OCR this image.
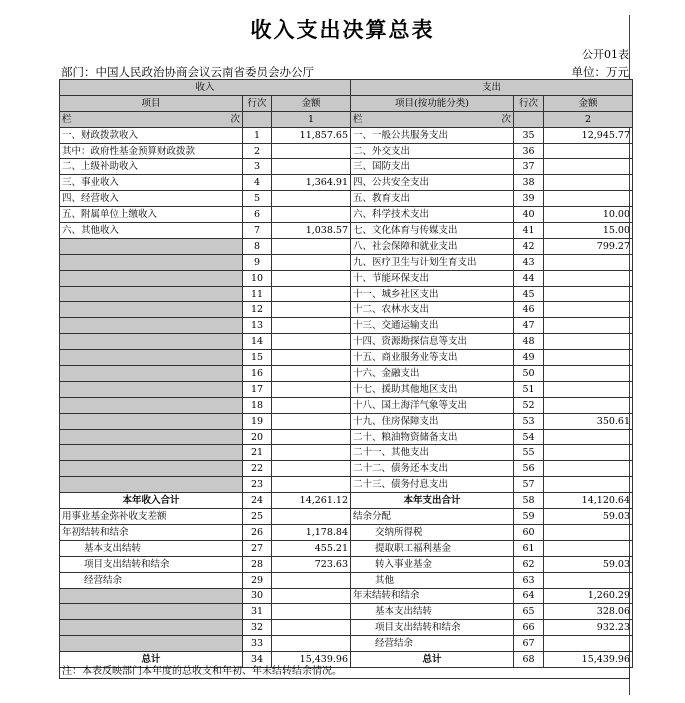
收入支出决算总表
公开01表
部门：中国人民政治协商会议云南省委员会办公厅	单位：万元
收入			支出		
项目	行次	金额	项目(按功能分类)	行次	金额

栏 次		1	栏 次		2
一、财政拨款收入	1	11,857.65	一、一般公共服务支出	35	12,945.77
其中：政府性基金预算财政拨款	2		二、外交支出	36	
二、上级补助收入	3		三、国防支出	37	
三、事业收入	4	1,364.91	四、公共安全支出	38	
四、经营收入	5		五、教育支出	39	
五、附属单位上缴收入	6		六、科学技术支出	40	10.00
六、其他收入	7	1,038.57	七、文化体育与传媒支出	41	15.00
	8		八、社会保障和就业支出	42	799.27
	9		九、医疗卫生与计划生育支出	43	
	10		十、节能环保支出	44	
	11		十一、城乡社区支出	45	
	12		十二、农林水支出	46	
	13		十三、交通运输支出	47	
	14		十四、资源勘探信息等支出	48	
	15		十五、商业服务业等支出	49	
	16		十六、金融支出	50	
	17		十七、援助其他地区支出	51	
	18		十八、国土海洋气象等支出	52	
	19		十九、住房保障支出	53	350.61
	20		二十、粮油物资储备支出	54	
	21		二十一、其他支出	55	
	22		二十二、债务还本支出	56	
	23		二十三、债务付息支出	57	
本年收入合计	24	14,261.12	本年支出合计	58	14,120.64
用事业基金弥补收支差额	25		结余分配	59	59.03
年初结转和结余	26	1,178.84	交纳所得税	60	
基本支出结转	27	455.21	提取职工福利基金	61	
项目支出结转和结余	28	723.63	转入事业基金	62	59.03
经营结余	29		其他	63	
	30		年末结转和结余	64	1,260.29
	31		基本支出结转	65	328.06
	32		项目支出结转和结余	66	932.23
	33		经营结余	67	
总计	34	15,439.96	总计	68	15,439.96
注：本表反映部门本年度的总收支和年初、年末结转结余情况。
